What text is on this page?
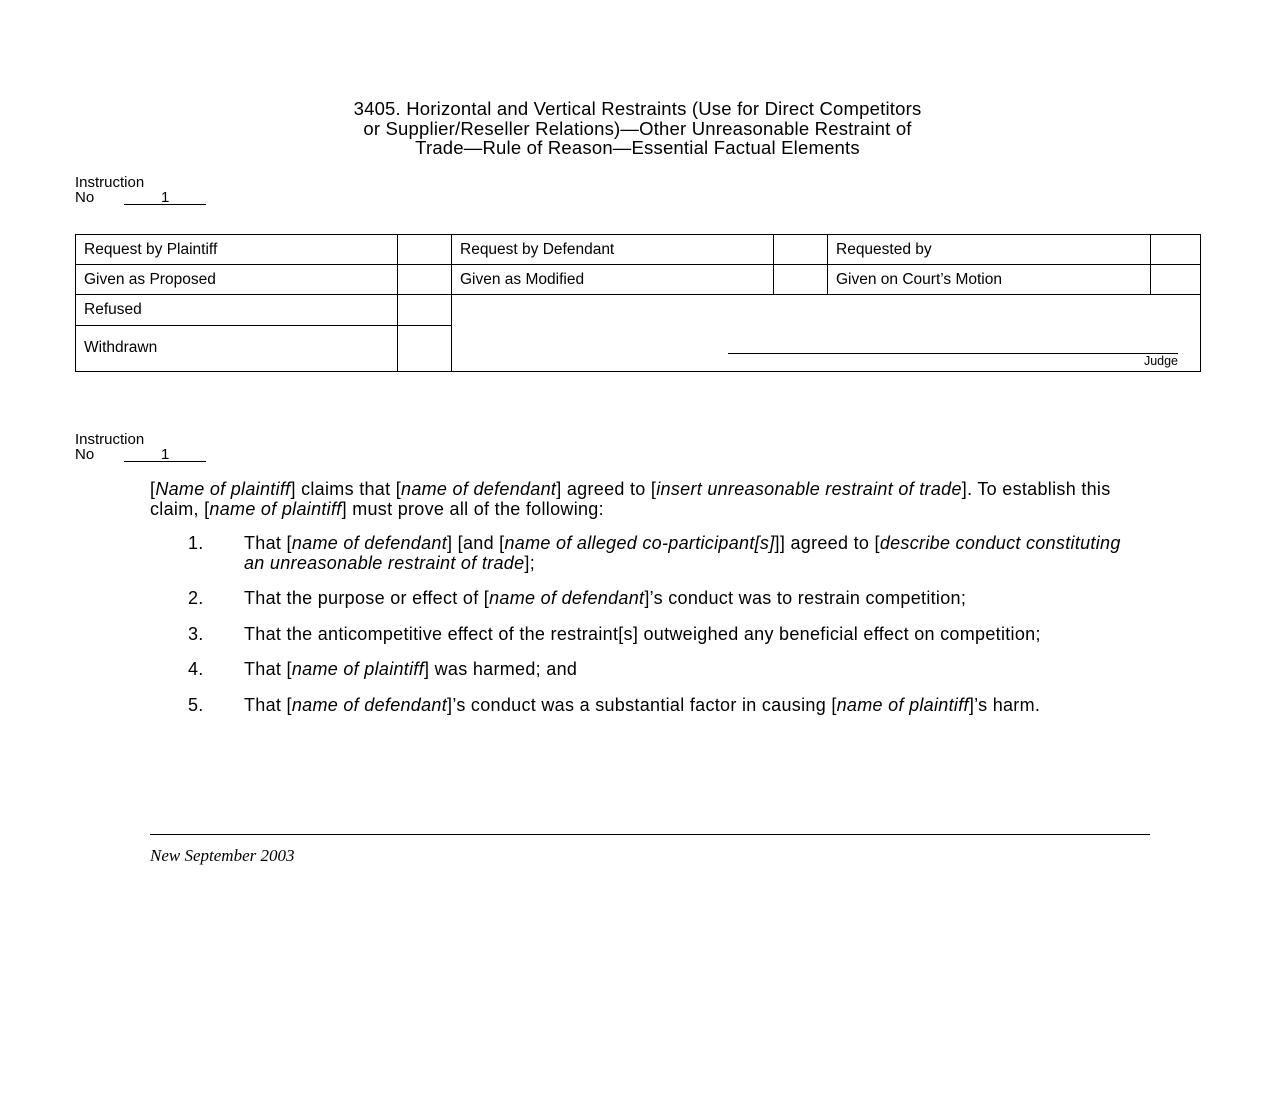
3405. Horizontal and Vertical Restraints (Use for Direct Competitors
or Supplier/Reseller Relations)—Other Unreasonable Restraint of
Trade—Rule of Reason—Essential Factual Elements
Instruction
No	1
Request by Plaintiff		Request by Defendant		Requested by	
Given as Proposed		Given as Modified		Given on Court’s Motion	
Refused		Judge			

Withdrawn					
Instruction
No	1
[Name of plaintiff] claims that [name of defendant] agreed to [insert unreasonable restraint of trade]. To establish this claim, [name of plaintiff] must prove all of the following:
1.	That [name of defendant] [and [name of alleged co-participant[s]]] agreed to [describe conduct constituting an unreasonable restraint of trade];
2.	That the purpose or effect of [name of defendant]’s conduct was to restrain competition;
3.	That the anticompetitive effect of the restraint[s] outweighed any beneficial effect on competition;
4.	That [name of plaintiff] was harmed; and
5.	That [name of defendant]’s conduct was a substantial factor in causing [name of plaintiff]’s harm.
New September 2003
